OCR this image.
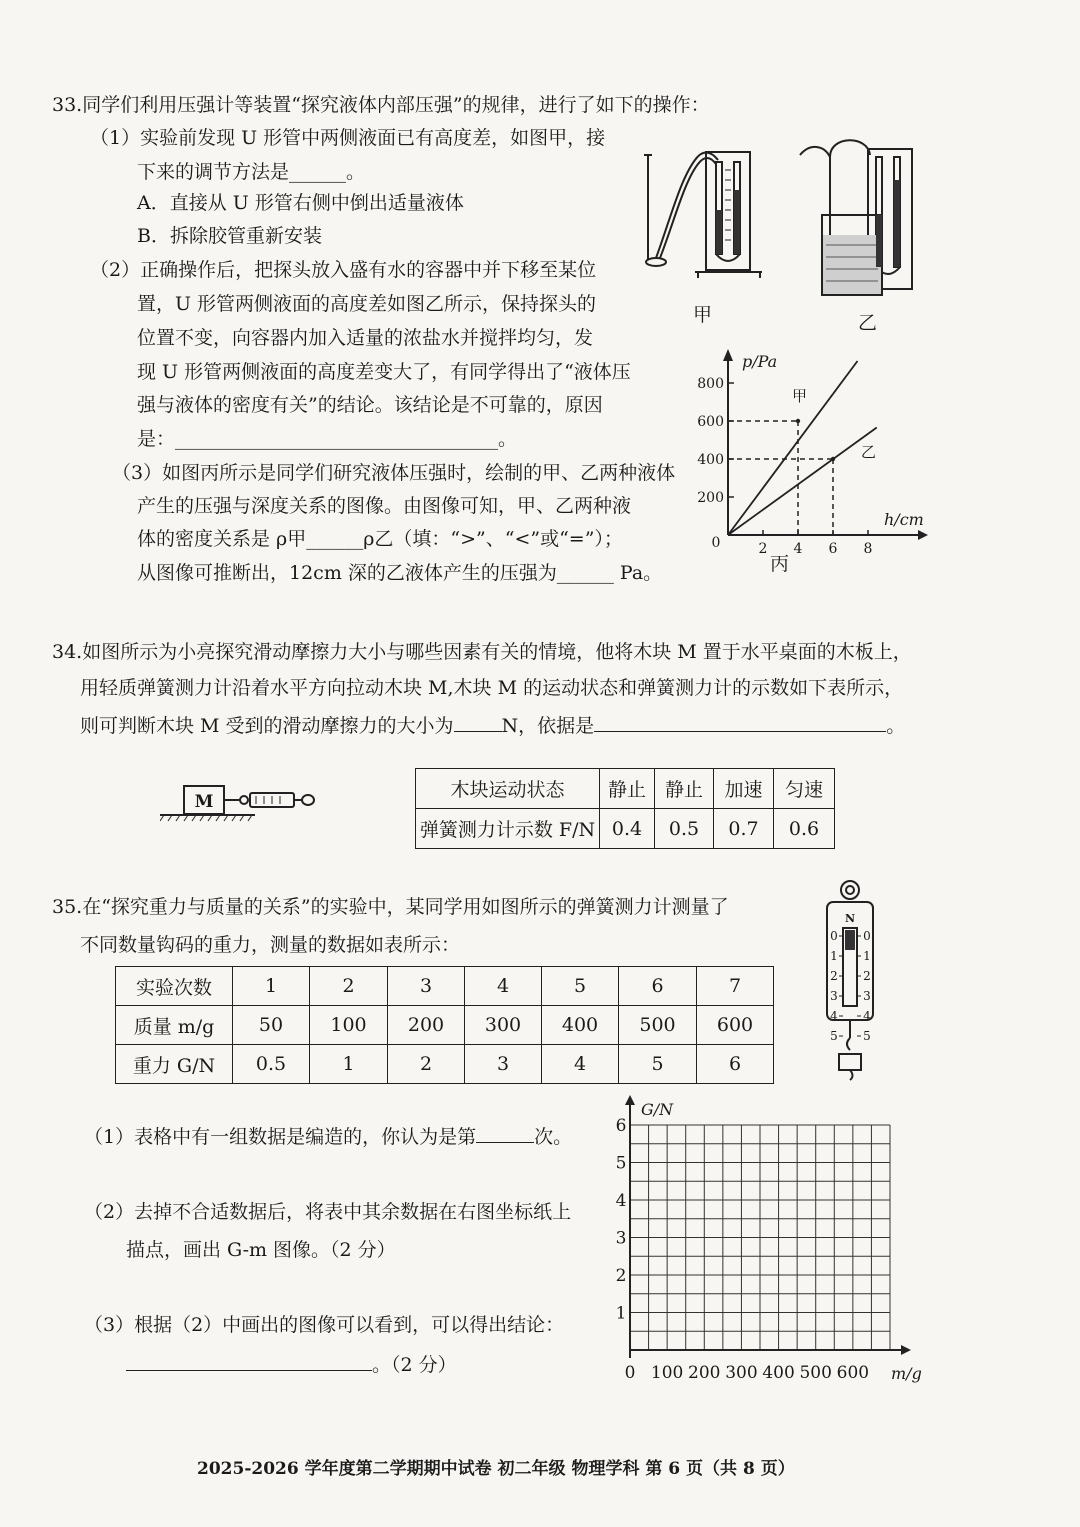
33.同学们利用压强计等装置“探究液体内部压强”的规律，进行了如下的操作：
（1）实验前发现 U 形管中两侧液面已有高度差，如图甲，接
下来的调节方法是______。
A．直接从 U 形管右侧中倒出适量液体
B．拆除胶管重新安装
（2）正确操作后，把探头放入盛有水的容器中并下移至某位
置，U 形管两侧液面的高度差如图乙所示，保持探头的
位置不变，向容器内加入适量的浓盐水并搅拌均匀，发
现 U 形管两侧液面的高度差变大了，有同学得出了“液体压
强与液体的密度有关”的结论。该结论是不可靠的，原因
是：__________________________________。
（3）如图丙所示是同学们研究液体压强时，绘制的甲、乙两种液体
产生的压强与深度关系的图像。由图像可知，甲、乙两种液
体的密度关系是 ρ甲______ρ乙（填：“>”、“<”或“=”）；
从图像可推断出，12cm 深的乙液体产生的压强为______ Pa。
甲	乙
200
400
600
800
2 4 6 8
0
p/Pa
h/cm
甲
乙
丙
34.如图所示为小亮探究滑动摩擦力大小与哪些因素有关的情境，他将木块 M 置于水平桌面的木板上，
用轻质弹簧测力计沿着水平方向拉动木块 M,木块 M 的运动状态和弹簧测力计的示数如下表所示，
则可判断木块 M 受到的滑动摩擦力的大小为	N，依据是	。
M
木块运动状态	静止	静止	加速	匀速
弹簧测力计示数 F/N	0.4	0.5	0.7	0.6
35.在“探究重力与质量的关系”的实验中，某同学用如图所示的弹簧测力计测量了
不同数量钩码的重力，测量的数据如表所示：
N
0 0
1 1
2 2
3 3
4 4
5 5
实验次数	1	2	3	4	5	6	7
质量 m/g	50	100	200	300	400	500	600
重力 G/N	0.5	1	2	3	4	5	6
（1）表格中有一组数据是编造的，你认为是第	次。
（2）去掉不合适数据后，将表中其余数据在右图坐标纸上
描点，画出 G-m 图像。（2 分）
（3）根据（2）中画出的图像可以看到，可以得出结论：
。（2 分）
G/N
m/g
1
2
3
4
5
6
0 100 200 300 400 500 600
2025-2026 学年度第二学期期中试卷 初二年级 物理学科 第 6 页（共 8 页）
